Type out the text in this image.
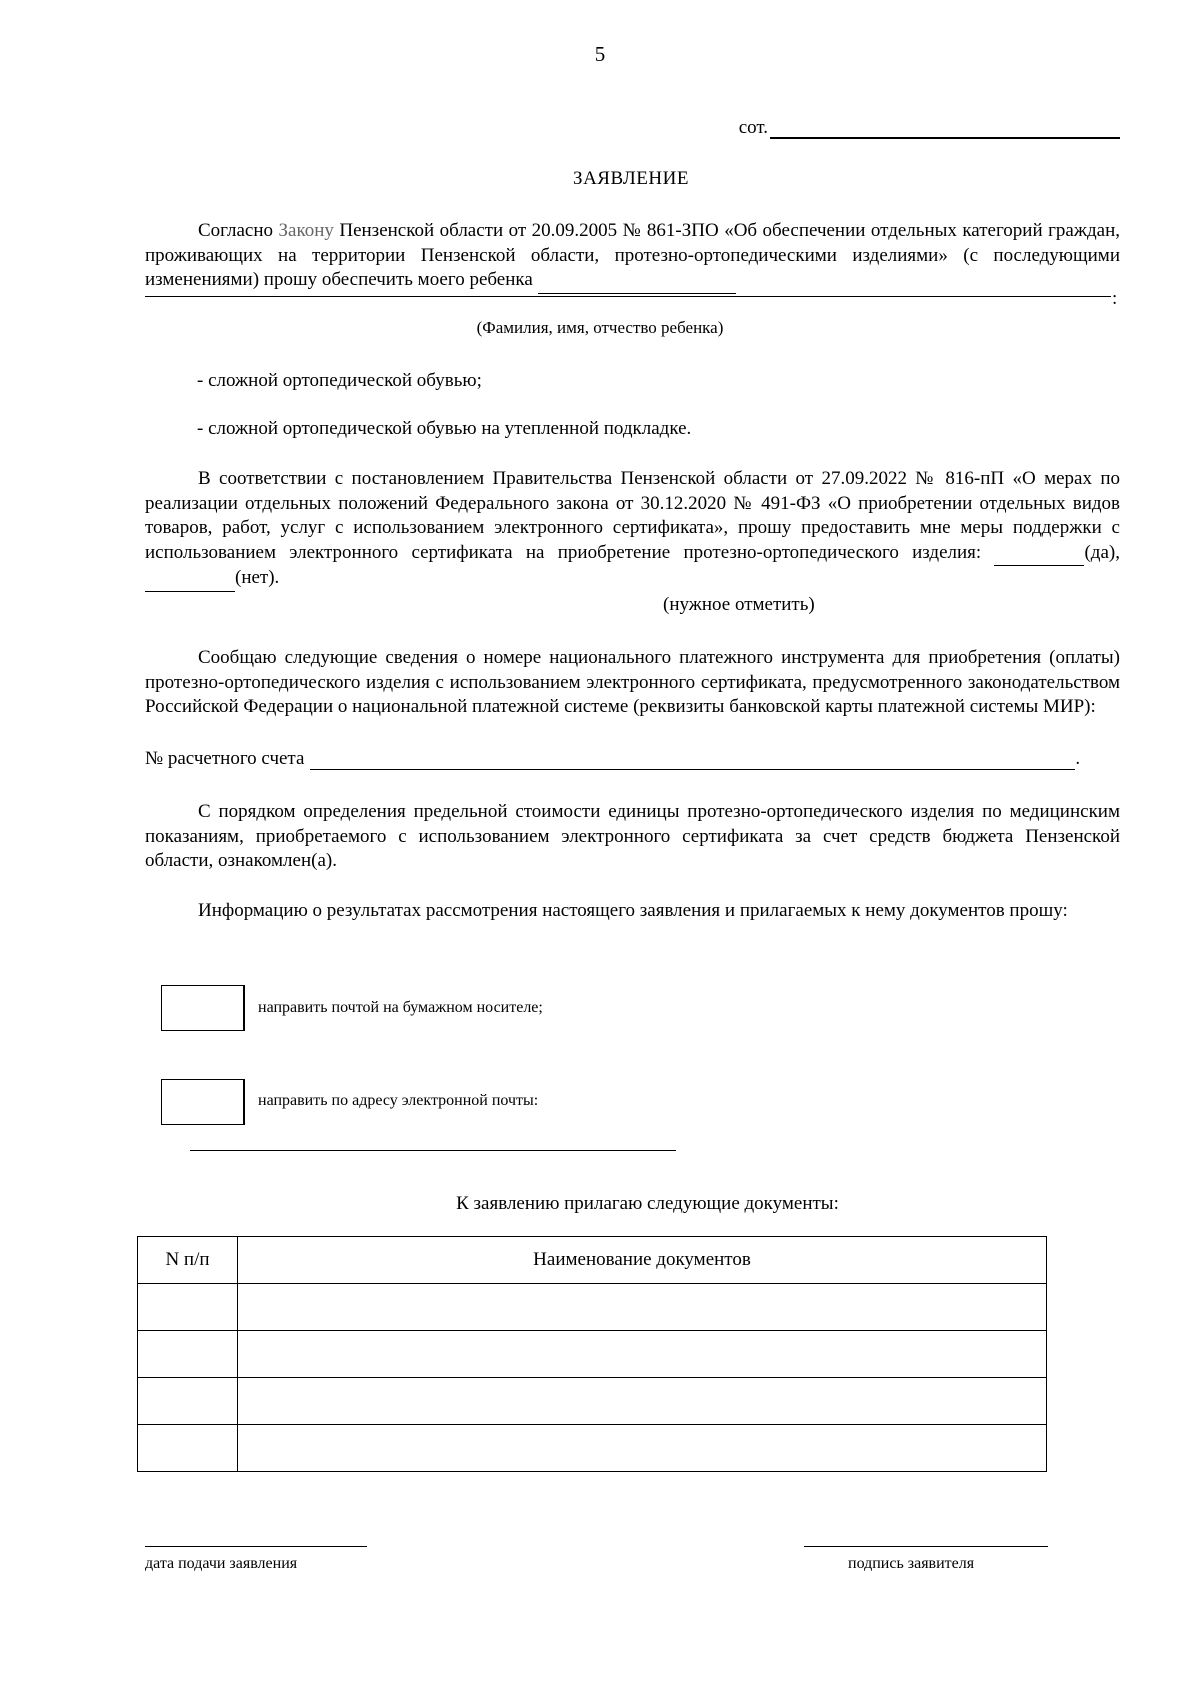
5
сот.
ЗАЯВЛЕНИЕ
Согласно Закону Пензенской области от 20.09.2005 № 861-ЗПО «Об обеспечении отдельных категорий граждан, проживающих на территории Пензенской области, протезно-ортопедическими изделиями» (с последующими изменениями) прошу обеспечить моего ребенка
:
(Фамилия, имя, отчество ребенка)
- сложной ортопедической обувью;
- сложной ортопедической обувью на утепленной подкладке.
В соответствии с постановлением Правительства Пензенской области от 27.09.2022 № 816-пП «О мерах по реализации отдельных положений Федерального закона от 30.12.2020 № 491-ФЗ «О приобретении отдельных видов товаров, работ, услуг с использованием электронного сертификата», прошу предоставить мне меры поддержки с использованием электронного сертификата на приобретение протезно-ортопедического изделия:	(да),  (нет).
(нужное отметить)
Сообщаю следующие сведения о номере национального платежного инструмента для приобретения (оплаты) протезно-ортопедического изделия с использованием электронного сертификата, предусмотренного законодательством Российской Федерации о национальной платежной системе (реквизиты банковской карты платежной системы МИР):
№ расчетного счета	.
С порядком определения предельной стоимости единицы протезно-ортопедического изделия по медицинским показаниям, приобретаемого с использованием электронного сертификата за счет средств бюджета Пензенской области, ознакомлен(а).
Информацию о результатах рассмотрения настоящего заявления и прилагаемых к нему документов прошу:
направить почтой на бумажном носителе;
направить по адресу электронной почты:
К заявлению прилагаю следующие документы:
N п/п	Наименование документов

дата подачи заявления	подпись заявителя
